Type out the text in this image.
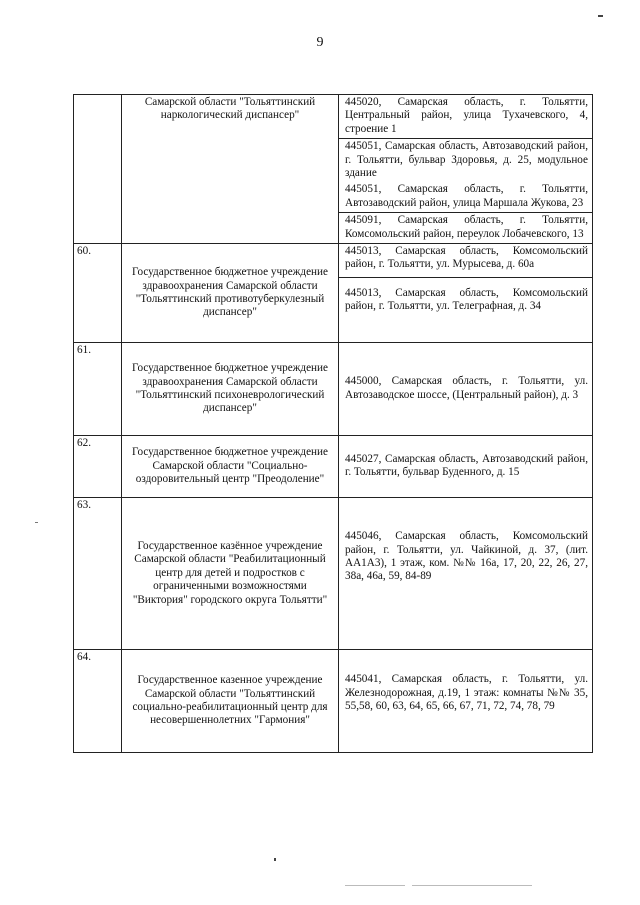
9
	Самарской области "Тольяттинский наркологический диспансер"	445020, Самарская область, г. Тольятти, Центральный район, улица Тухачевского, 4, строение 1
445051, Самарская область, Автозаводский район, г. Тольятти, бульвар Здоровья, д. 25, модульное здание
445051, Самарская область, г. Тольятти, Автозаводский район, улица Маршала Жукова, 23
445091, Самарская область, г. Тольятти, Комсомольский район, переулок Лобачевского, 13

60.	Государственное бюджетное учреждение здравоохранения Самарской области "Тольяттинский противотуберкулезный диспансер"	445013, Самарская область, Комсомольский район, г. Тольятти, ул. Мурысева, д. 60а
445013, Самарская область, Комсомольский район, г. Тольятти, ул. Телеграфная, д. 34

61.	Государственное бюджетное учреждение здравоохранения Самарской области "Тольяттинский психоневрологический диспансер"	445000, Самарская область, г. Тольятти, ул. Автозаводское шоссе, (Центральный район), д. 3

62.	Государственное бюджетное учреждение Самарской области "Социально-оздоровительный центр "Преодоление"	445027, Самарская область, Автозаводский район, г. Тольятти, бульвар Буденного, д. 15

63.	Государственное казённое учреждение Самарской области "Реабилитационный центр для детей и подростков с ограниченными возможностями "Виктория" городского округа Тольятти"	445046, Самарская область, Комсомольский район, г. Тольятти, ул. Чайкиной, д. 37, (лит. АА1А3), 1 этаж, ком. №№ 16а, 17, 20, 22, 26, 27, 38а, 46а, 59, 84-89

64.	Государственное казенное учреждение Самарской области "Тольяттинский социально-реабилитационный центр для несовершеннолетних "Гармония"	445041, Самарская область, г. Тольятти, ул. Железнодорожная, д.19, 1 этаж: комнаты №№ 35, 55,58, 60, 63, 64, 65, 66, 67, 71, 72, 74, 78, 79
